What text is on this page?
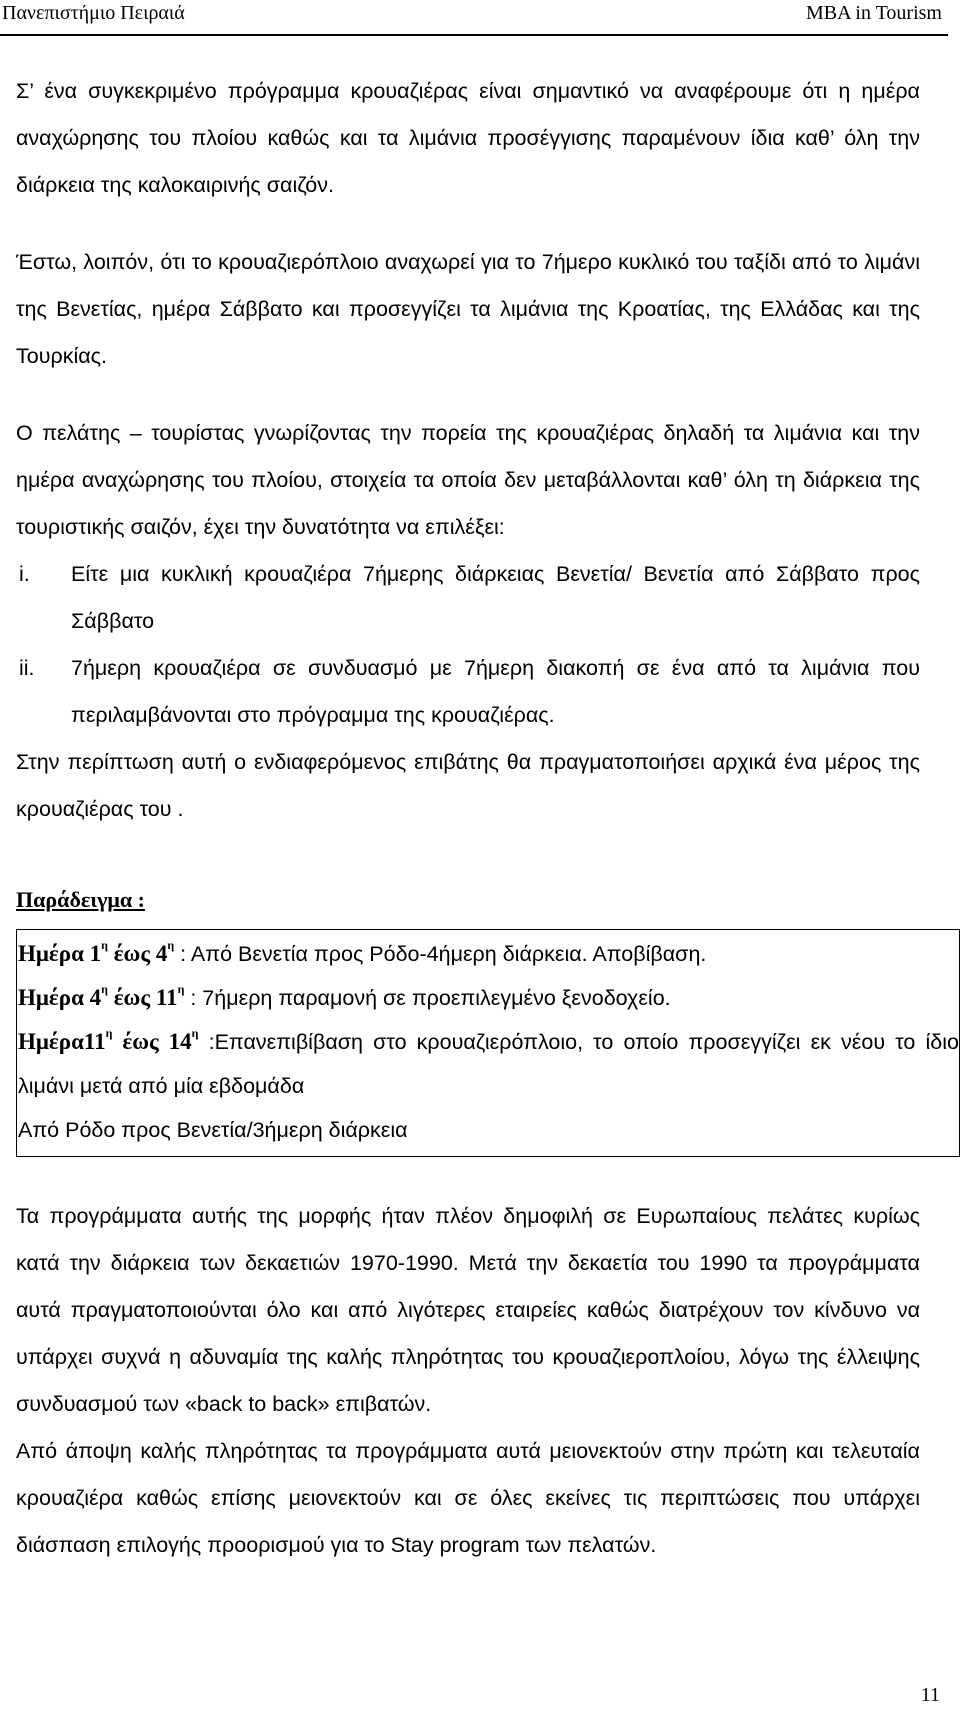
Πανεπιστήμιο Πειραιά	MBA in Tourism

Σ’ ένα συγκεκριμένο πρόγραμμα κρουαζιέρας είναι σημαντικό να αναφέρουμε ότι η ημέρα αναχώρησης του πλοίου καθώς και τα λιμάνια προσέγγισης παραμένουν ίδια καθ’ όλη την διάρκεια της καλοκαιρινής σαιζόν.

Έστω, λοιπόν, ότι το κρουαζιερόπλοιο αναχωρεί για το 7ήμερο κυκλικό του ταξίδι από το λιμάνι της Βενετίας, ημέρα Σάββατο και προσεγγίζει τα λιμάνια της Κροατίας, της Ελλάδας και της Τουρκίας.

Ο πελάτης – τουρίστας γνωρίζοντας την πορεία της κρουαζιέρας δηλαδή τα λιμάνια και την ημέρα αναχώρησης του πλοίου, στοιχεία τα οποία δεν μεταβάλλονται καθ’ όλη τη διάρκεια της τουριστικής σαιζόν, έχει την δυνατότητα να επιλέξει:

i. Είτε μια κυκλική κρουαζιέρα 7ήμερης διάρκειας Βενετία/ Βενετία από Σάββατο προς Σάββατο

ii. 7ήμερη κρουαζιέρα σε συνδυασμό με 7ήμερη διακοπή σε ένα από τα λιμάνια που περιλαμβάνονται στο πρόγραμμα της κρουαζιέρας.

Στην περίπτωση αυτή ο ενδιαφερόμενος επιβάτης θα πραγματοποιήσει αρχικά ένα μέρος της κρουαζιέρας του .

Παράδειγμα :

Ημέρα $1^\eta$ έως $4^\eta$ : Από Βενετία προς Ρόδο-4ήμερη διάρκεια. Αποβίβαση.

Ημέρα $4^\eta$ έως $11^\eta$ : 7ήμερη παραμονή σε προεπιλεγμένο ξενοδοχείο.

$H\mu έ\rho\alpha 11^\eta$ έως $14^\eta$ :Επανεπιβίβαση στο κρουαζιερόπλοιο, το οποίο προσεγγίζει εκ νέου το ίδιο λιμάνι μετά από μία εβδομάδα

Από Ρόδο προς Βενετία/3ήμερη διάρκεια

Τα προγράμματα αυτής της μορφής ήταν πλέον δημοφιλή σε Ευρωπαίους πελάτες κυρίως κατά την διάρκεια των δεκαετιών 1970-1990. Μετά την δεκαετία του 1990 τα προγράμματα αυτά πραγματοποιούνται όλο και από λιγότερες εταιρείες καθώς διατρέχουν τον κίνδυνο να υπάρχει συχνά η αδυναμία της καλής πληρότητας του κρουαζιεροπλοίου, λόγω της έλλειψης συνδυασμού των «back to back» επιβατών.

Από άποψη καλής πληρότητας τα προγράμματα αυτά μειονεκτούν στην πρώτη και τελευταία κρουαζιέρα καθώς επίσης μειονεκτούν και σε όλες εκείνες τις περιπτώσεις που υπάρχει διάσπαση επιλογής προορισμού για το Stay program των πελατών.

11
